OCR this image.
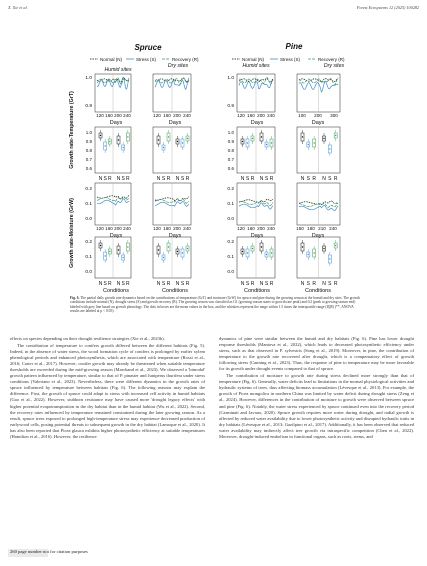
X. Xie et al.	Forest Ecosystems 12 (2025) 100282
Spruce	Pine
Normal (N)	Stress (S)	Recovery (R)	Normal (N)	Stress (S)	Recovery (R)
Humid sites
Dry sites	Humid sites	Dry sites
Growth rate-Temperature (GrT)
Growth rate-Moisture (GrW)
1.0
0.9
1.0
0.9
1.0
0.9
0.8
0.7
0.6
1.0
0.9
0.8
0.7
0.6
0.2
0.1
0.0
0.2
0.1
0.0
0.2
0.1
0.0
0.2
0.1
0.0
120 160 200 240	120 160 200 240	120 160 200 240	100 200 300
Days	Days	Days	Days
N S R N S R	N S R N S R	N S R N S R	N S R N S R
120 160 200 240	120 160 200 240	120 160 200 240	150 180 210 240
Days	Days	Days	Days
N S R N S R	N S R N S R	N S R N S R	N S R N S R
Conditions	Conditions	Conditions	Conditions
Fig. 6. The partial daily growth rate dynamics based on the contributions of temperature (GrT) and moisture (GrW) for spruce and pine during the growing season at the humid and dry sites. The growth conditions include normal (N), drought stress (S) and growth recovery (R). The growing season was classified as G1 (growing season starts to growth rate peak) and G2 (peak to growing season end) labeled with grey line based on growth phenology. The dots in boxes are the mean values in the box, and the whiskers represent the range within 1.5 times the interquartile range (IQR) (**, ANOVA results are labeled at p < 0.05).

effects on species depending on their drought resilience strategies (Xie et al., 2023b).

The contribution of temperature to conifers growth differed between the different habitats (Fig. 5). Indeed, in the absence of water stress, the wood formation cycle of conifers is prolonged by earlier xylem phenological periods and enhanced photosynthesis, which are associated with temperature (Rossi et al., 2016; Carter et al., 2017). However, conifer growth may already be threatened when suitable temperature thresholds are exceeded during the mid-growing season (Marchand et al., 2023). We observed a 'bimodal' growth pattern influenced by temperature, similar to that of P. pinaster and Juniperus thurifera under stress conditions (Valeriano et al., 2023). Nevertheless, there were different dynamics in the growth rates of spruce influenced by temperature between habitats (Fig. 6). The following reasons may explain the difference. First, the growth of spruce could adapt to stress with increased cell activity in humid habitats (Gao et al., 2022). However, stubborn resistance may have caused more 'drought legacy effects' with higher potential evapotranspiration in the dry habitat than in the humid habitat (Wu et al., 2022). Second, the recovery rates influenced by temperature remained constrained during the later growing season. As a result, spruce trees exposed to prolonged high-temperature stress may experience decreased production of earlywood cells, posing potential threats to subsequent growth in the dry habitat (Lamoque et al., 2020). It has also been reported that Picea glauca exhibits higher photosynthetic efficiency at suitable temperatures (Hamilton et al., 2016). However, the resilience

dynamics of pine were similar between the humid and dry habitats (Fig. 6). Pine has lower drought response thresholds (Mantova et al., 2022), which leads to decreased photosynthetic efficiency under stress, such as that observed in P. sylvestris (Song et al., 2019). Moreover, in pine, the contribution of temperature to the growth rate recovered after drought, which is a compensatory effect of growth following stress (Canning et al., 2023). Thus, the response of pine to temperature may be more favorable for its growth under drought events compared to that of spruce.

The contribution of moisture to growth rate during stress declined more strongly than that of temperature (Fig. 6). Generally, water deficits lead to limitations in the normal physiological activities and hydraulic systems of trees, thus affecting biomass accumulation (Lévesque et al., 2013). For example, the growth of Picea mongolica in northern China was limited by water deficit during drought stress (Zeng et al., 2024). However, differences in the contribution of moisture to growth were observed between spruce and pine (Fig. 6). Notably, the water stress experienced by spruce continued even into the recovery period (Carminati and Javaux, 2020). Spruce growth requires more water during drought, and radial growth is affected by reduced water availability due to lower photosynthetic activity and disrupted hydraulic traits in dry habitats (Lévesque et al., 2013; Gazilpino et al., 2017). Additionally, it has been observed that reduced water availability may indirectly affect tree growth via intraspecific competition (Chen et al., 2022). Moreover, drought-induced embolism in functional organs, such as roots, stems, and

260 page number not for citation purposes
